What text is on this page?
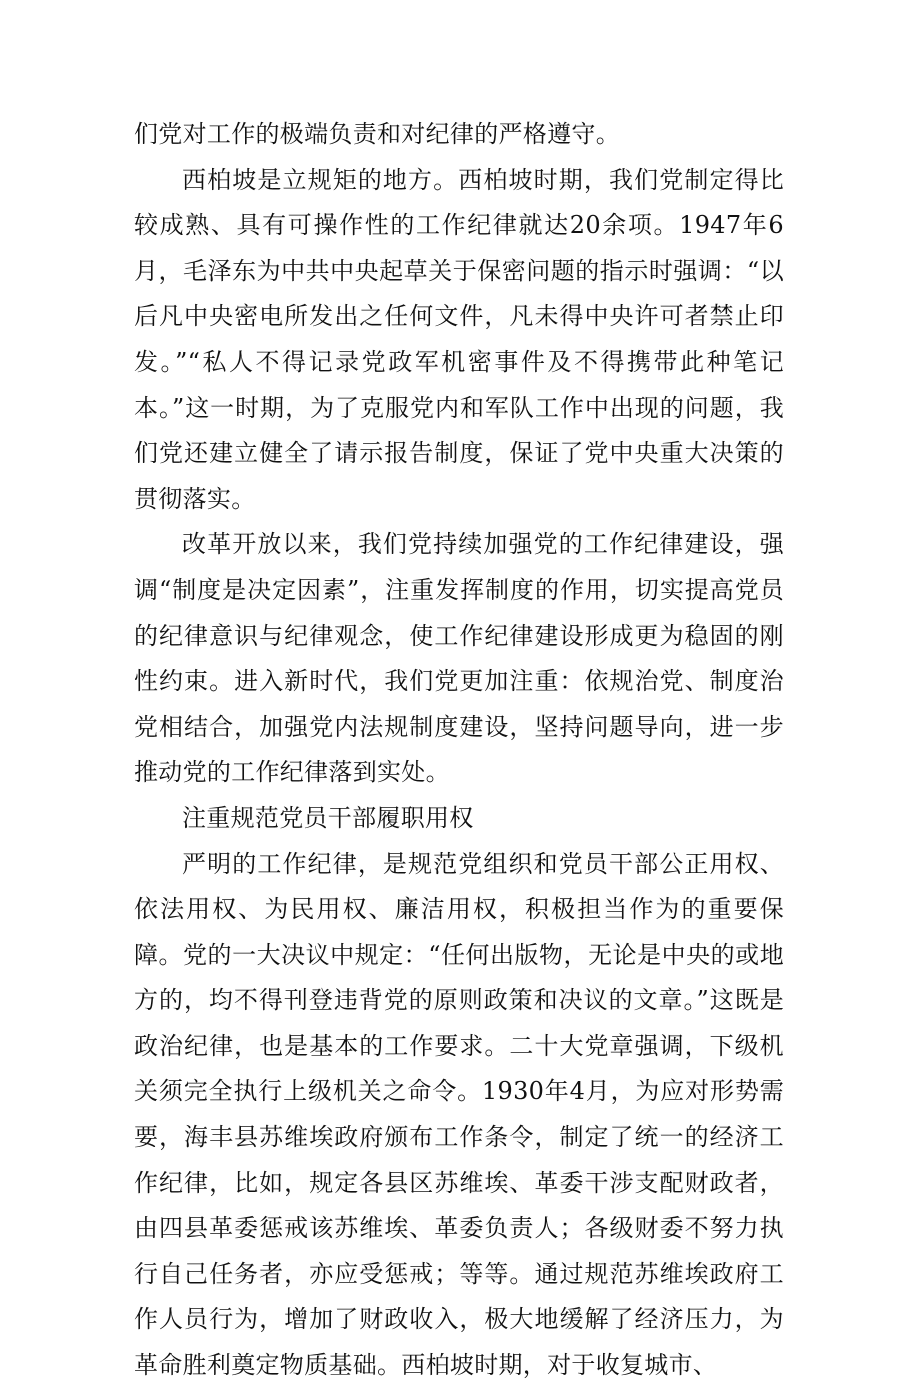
们党对工作的极端负责和对纪律的严格遵守。

西柏坡是立规矩的地方。西柏坡时期，我们党制定得比较成熟、具有可操作性的工作纪律就达20余项。1947年6月，毛泽东为中共中央起草关于保密问题的指示时强调：“以后凡中央密电所发出之任何文件，凡未得中央许可者禁止印发。”“私人不得记录党政军机密事件及不得携带此种笔记本。”这一时期，为了克服党内和军队工作中出现的问题，我们党还建立健全了请示报告制度，保证了党中央重大决策的贯彻落实。

改革开放以来，我们党持续加强党的工作纪律建设，强调“制度是决定因素”，注重发挥制度的作用，切实提高党员的纪律意识与纪律观念，使工作纪律建设形成更为稳固的刚性约束。进入新时代，我们党更加注重：依规治党、制度治党相结合，加强党内法规制度建设，坚持问题导向，进一步推动党的工作纪律落到实处。

注重规范党员干部履职用权

严明的工作纪律，是规范党组织和党员干部公正用权、依法用权、为民用权、廉洁用权，积极担当作为的重要保障。党的一大决议中规定：“任何出版物，无论是中央的或地方的，均不得刊登违背党的原则政策和决议的文章。”这既是政治纪律，也是基本的工作要求。二十大党章强调，下级机关须完全执行上级机关之命令。1930年4月，为应对形势需要，海丰县苏维埃政府颁布工作条令，制定了统一的经济工作纪律，比如，规定各县区苏维埃、革委干涉支配财政者，由四县革委惩戒该苏维埃、革委负责人；各级财委不努力执行自己任务者，亦应受惩戒；等等。通过规范苏维埃政府工作人员行为，增加了财政收入，极大地缓解了经济压力，为革命胜利奠定物质基础。西柏坡时期，对于收复城市、
